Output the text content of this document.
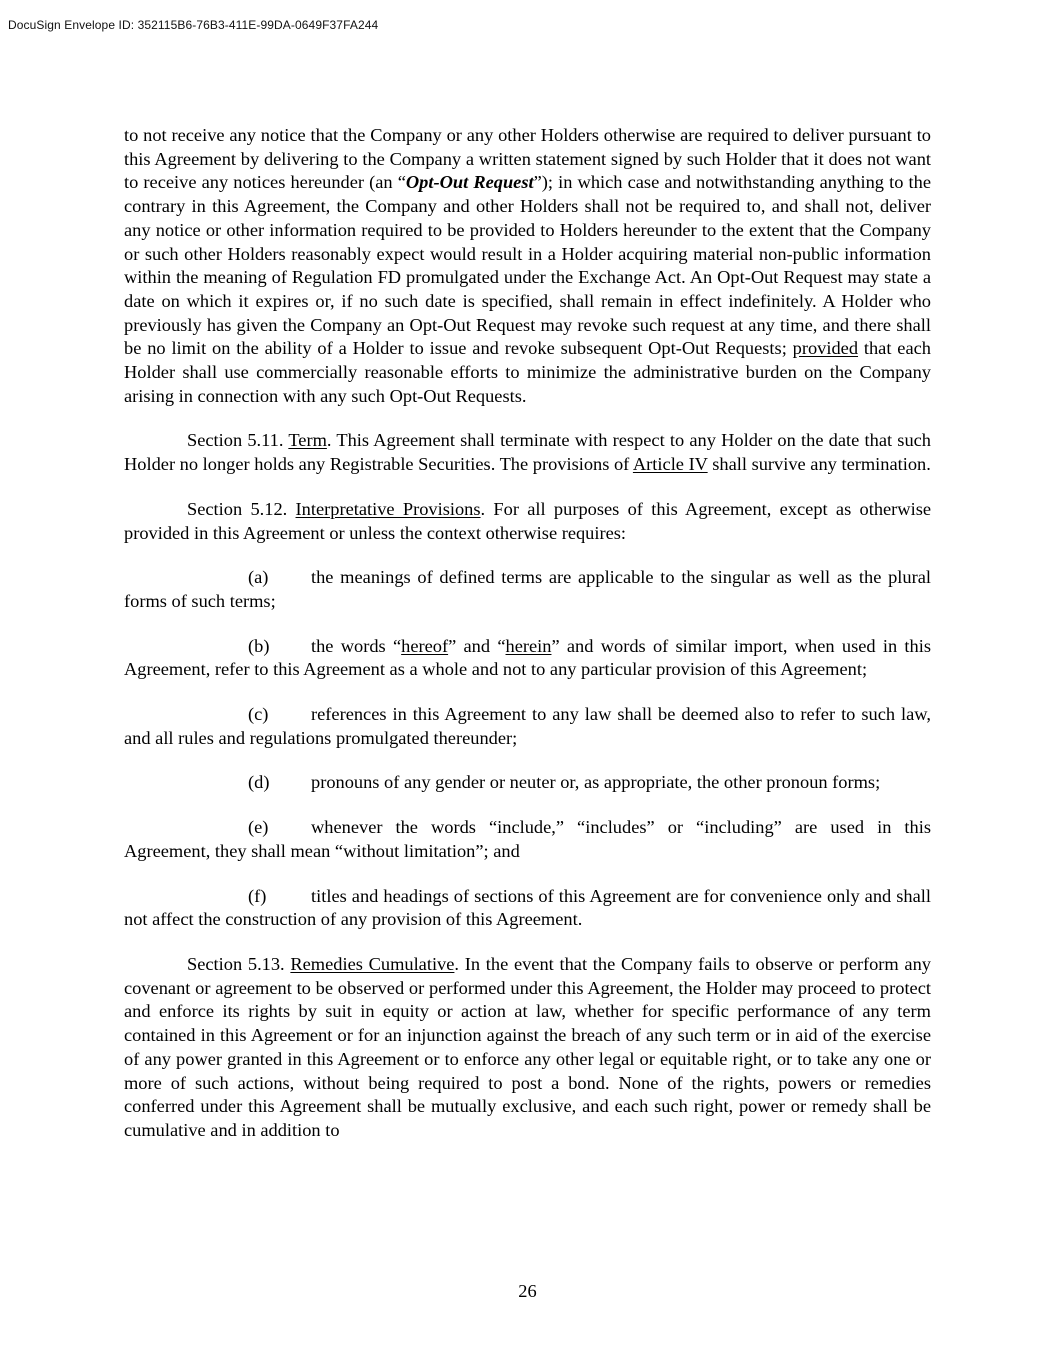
DocuSign Envelope ID: 352115B6-76B3-411E-99DA-0649F37FA244

to not receive any notice that the Company or any other Holders otherwise are required to deliver pursuant to this Agreement by delivering to the Company a written statement signed by such Holder that it does not want to receive any notices hereunder (an “Opt-Out Request”); in which case and notwithstanding anything to the contrary in this Agreement, the Company and other Holders shall not be required to, and shall not, deliver any notice or other information required to be provided to Holders hereunder to the extent that the Company or such other Holders reasonably expect would result in a Holder acquiring material non-public information within the meaning of Regulation FD promulgated under the Exchange Act. An Opt-Out Request may state a date on which it expires or, if no such date is specified, shall remain in effect indefinitely. A Holder who previously has given the Company an Opt-Out Request may revoke such request at any time, and there shall be no limit on the ability of a Holder to issue and revoke subsequent Opt-Out Requests; provided that each Holder shall use commercially reasonable efforts to minimize the administrative burden on the Company arising in connection with any such Opt-Out Requests.

Section 5.11. Term. This Agreement shall terminate with respect to any Holder on the date that such Holder no longer holds any Registrable Securities. The provisions of Article IV shall survive any termination.

Section 5.12. Interpretative Provisions. For all purposes of this Agreement, except as otherwise provided in this Agreement or unless the context otherwise requires:

(a) the meanings of defined terms are applicable to the singular as well as the plural forms of such terms;

(b) the words “hereof” and “herein” and words of similar import, when used in this Agreement, refer to this Agreement as a whole and not to any particular provision of this Agreement;

(c) references in this Agreement to any law shall be deemed also to refer to such law, and all rules and regulations promulgated thereunder;

(d) pronouns of any gender or neuter or, as appropriate, the other pronoun forms;

(e) whenever the words “include,” “includes” or “including” are used in this Agreement, they shall mean “without limitation”; and

(f) titles and headings of sections of this Agreement are for convenience only and shall not affect the construction of any provision of this Agreement.

Section 5.13. Remedies Cumulative. In the event that the Company fails to observe or perform any covenant or agreement to be observed or performed under this Agreement, the Holder may proceed to protect and enforce its rights by suit in equity or action at law, whether for specific performance of any term contained in this Agreement or for an injunction against the breach of any such term or in aid of the exercise of any power granted in this Agreement or to enforce any other legal or equitable right, or to take any one or more of such actions, without being required to post a bond. None of the rights, powers or remedies conferred under this Agreement shall be mutually exclusive, and each such right, power or remedy shall be cumulative and in addition to

26
